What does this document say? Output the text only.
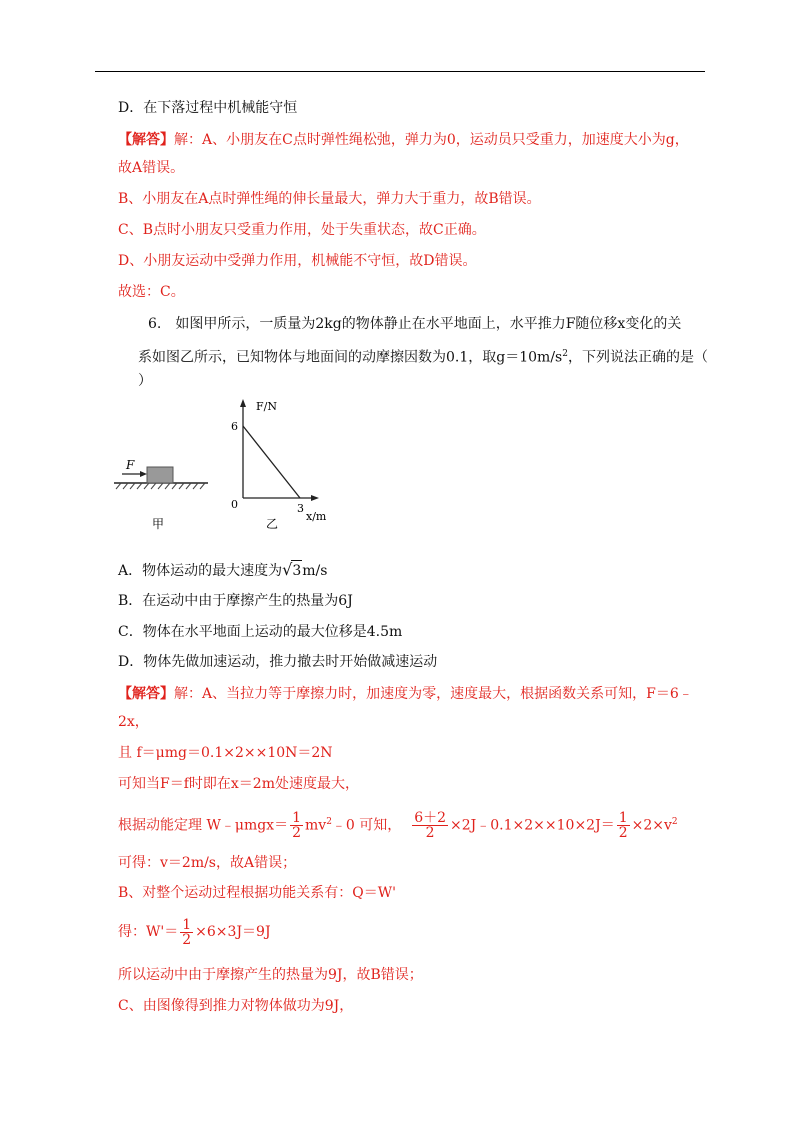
D．在下落过程中机械能守恒
【解答】解：A、小朋友在C点时弹性绳松弛，弹力为0，运动员只受重力，加速度大小为g，
故A错误。
B、小朋友在A点时弹性绳的伸长量最大，弹力大于重力，故B错误。
C、B点时小朋友只受重力作用，处于失重状态，故C正确。
D、小朋友运动中受弹力作用，机械能不守恒，故D错误。
故选：C。
6.　如图甲所示，一质量为2kg的物体静止在水平地面上，水平推力F随位移x变化的关
系如图乙所示，已知物体与地面间的动摩擦因数为0.1，取$g=10m/s^2$，下列说法正确的是（
）
F
甲
F/N
x/m
0
6
3
乙
A．物体运动的最大速度为√3m/s
B．在运动中由于摩擦产生的热量为6J
C．物体在水平地面上运动的最大位移是4.5m
D．物体先做加速运动，推力撤去时开始做减速运动
【解答】解：A、当拉力等于摩擦力时，加速度为零，速度最大，根据函数关系可知，F＝6﹣
2x，
且 f＝μmg＝0.1×2××10N＝2N
可知当F＝f时即在x＝2m处速度最大，
根据动能定理 W﹣μmgx＝ $\frac{1}{2}$ $mv^2﹣0$ 可知， $\frac{6+2}{2}$ ×2J﹣0.1×2××10×2J＝ $\frac{1}{2} \times 2\times v^2$
可得：v＝2m/s，故A错误；
B、对整个运动过程根据功能关系有：Q＝W'
得：$W'= \frac{1}{2} \times 6\times 3J=9J$
所以运动中由于摩擦产生的热量为9J，故B错误；
C、由图像得到推力对物体做功为9J，
